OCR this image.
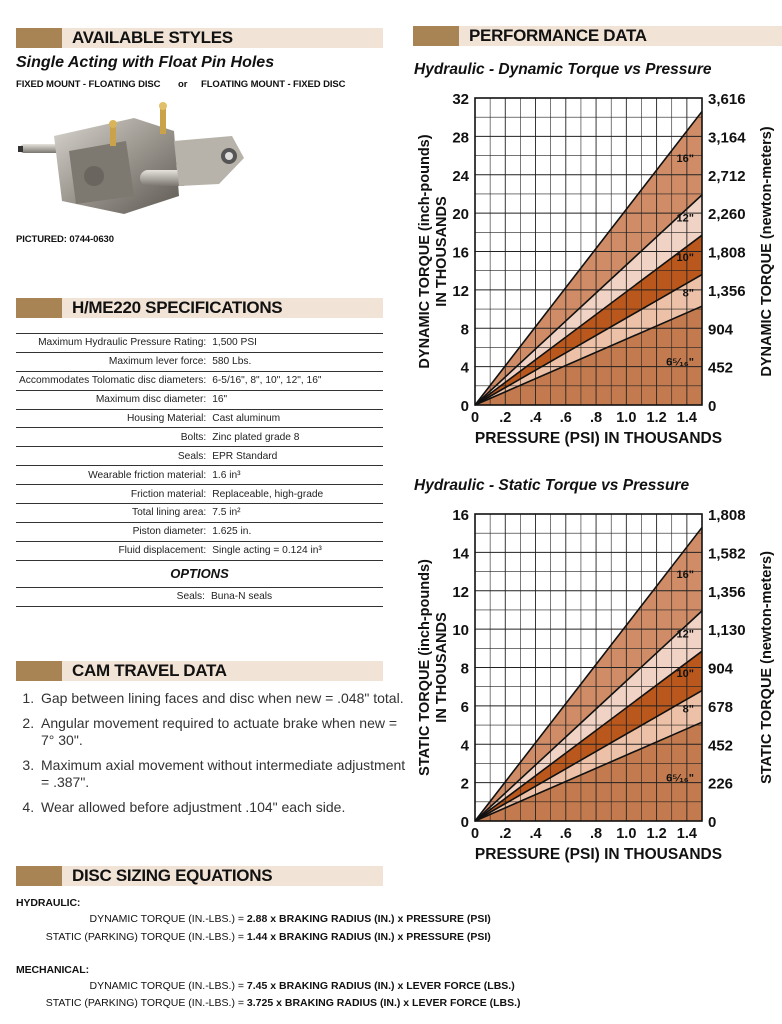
AVAILABLE STYLES
Single Acting with Float Pin Holes
FIXED MOUNT - FLOATING DISC or FLOATING MOUNT - FIXED DISC
PICTURED: 0744-0630
H/ME220 SPECIFICATIONS
Maximum Hydraulic Pressure Rating:	1,500 PSI
Maximum lever force:	580 Lbs.
Accommodates Tolomatic disc diameters:	6-5/16", 8", 10", 12", 16"
Maximum disc diameter:	16"
Housing Material:	Cast aluminum
Bolts:	Zinc plated grade 8
Seals:	EPR Standard
Wearable friction material:	1.6 in³
Friction material:	Replaceable, high-grade
Total lining area:	7.5 in²
Piston diameter:	1.625 in.
Fluid displacement:	Single acting = 0.124 in³
OPTIONS
Seals:	Buna-N seals
CAM TRAVEL DATA
1. Gap between lining faces and disc when new = .048" total.
2. Angular movement required to actuate brake when new = 7° 30".
3. Maximum axial movement without intermediate adjustment = .387".
4. Wear allowed before adjustment .104" each side.
DISC SIZING EQUATIONS
HYDRAULIC:
DYNAMIC TORQUE (IN.-LBS.) = 2.88 x BRAKING RADIUS (IN.) x PRESSURE (PSI)
STATIC (PARKING) TORQUE (IN.-LBS.) = 1.44 x BRAKING RADIUS (IN.) x PRESSURE (PSI)
MECHANICAL:
DYNAMIC TORQUE (IN.-LBS.) = 7.45 x BRAKING RADIUS (IN.) x LEVER FORCE (LBS.)
STATIC (PARKING) TORQUE (IN.-LBS.) = 3.725 x BRAKING RADIUS (IN.) x LEVER FORCE (LBS.)
PERFORMANCE DATA
Hydraulic - Dynamic Torque vs Pressure
16"
12"
10"
8"
6⁵⁄₁₆"
0
4
8
12
16
20
24
28
32
0
452
904
1,356
1,808
2,260
2,712
3,164
3,616
0 .2 .4 .6 .8 1.0 1.2 1.4
PRESSURE (PSI) IN THOUSANDS
DYNAMIC TORQUE (inch-pounds) IN THOUSANDS	DYNAMIC TORQUE (newton-meters)
Hydraulic - Static Torque vs Pressure
16"
12"
10"
8"
6⁵⁄₁₆"
0
2
4
6
8
10
12
14
16
0
226
452
678
904
1,130
1,356
1,582
1,808
0 .2 .4 .6 .8 1.0 1.2 1.4
PRESSURE (PSI) IN THOUSANDS
STATIC TORQUE (inch-pounds) IN THOUSANDS	STATIC TORQUE (newton-meters)
